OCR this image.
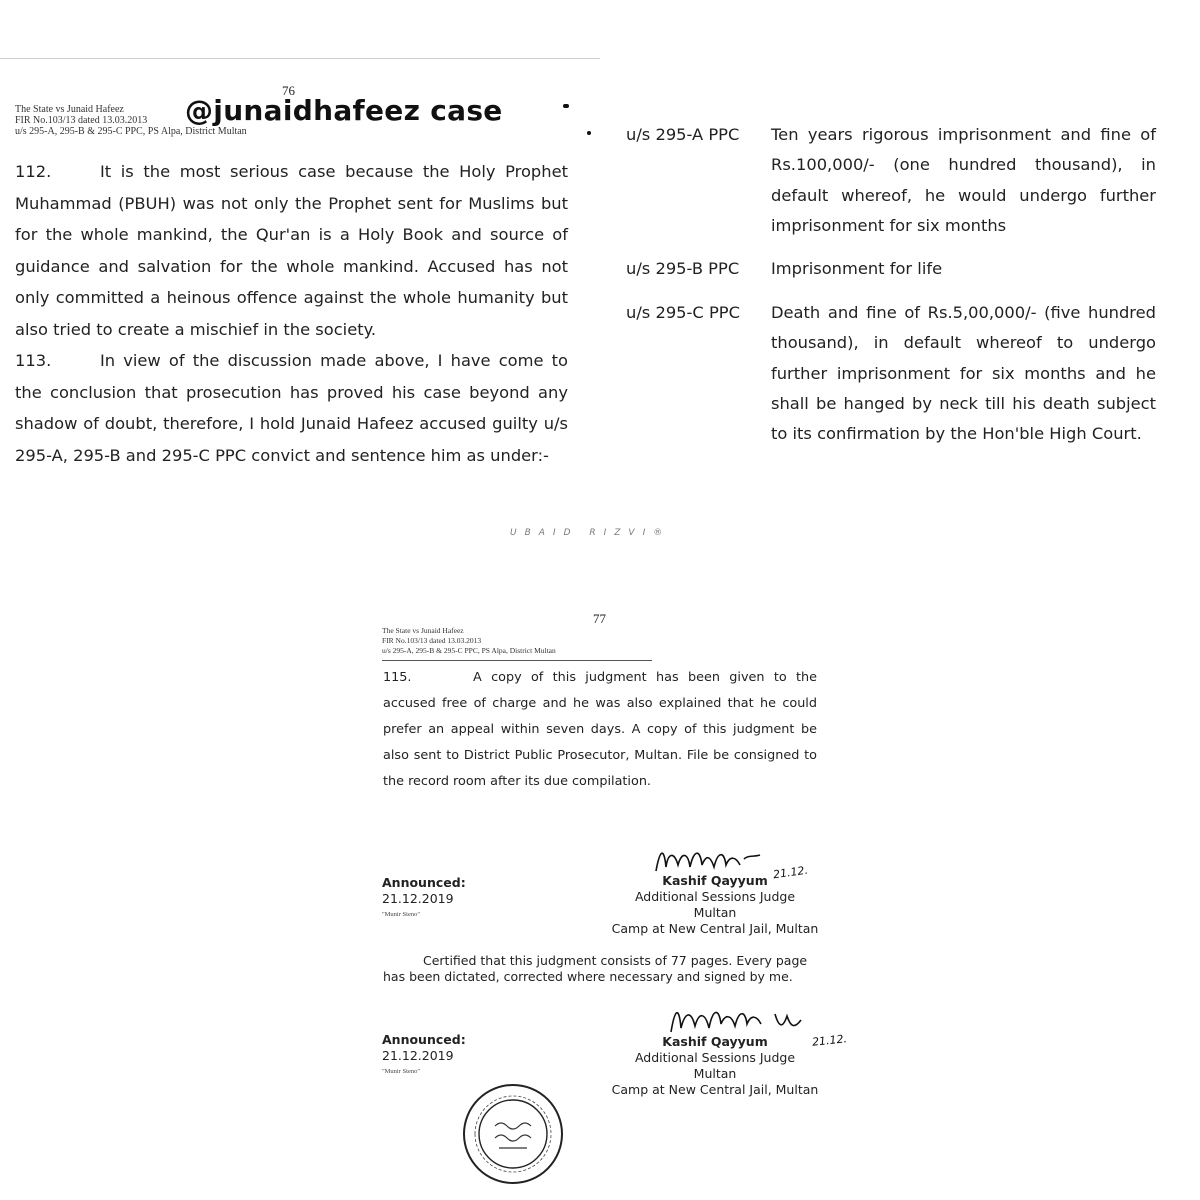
76
The State vs Junaid Hafeez
FIR No.103/13 dated 13.03.2013
u/s 295-A, 295-B & 295-C PPC, PS Alpa, District Multan
@junaidhafeez case

112.	It is the most serious case because the Holy Prophet Muhammad (PBUH) was not only the Prophet sent for Muslims but for the whole mankind, the Qur'an is a Holy Book and source of guidance and salvation for the whole mankind. Accused has not only committed a heinous offence against the whole humanity but also tried to create a mischief in the society.

113.	In view of the discussion made above, I have come to the conclusion that prosecution has proved his case beyond any shadow of doubt, therefore, I hold Junaid Hafeez accused guilty u/s 295-A, 295-B and 295-C PPC convict and sentence him as under:-

u/s 295-A PPC Ten years rigorous imprisonment and fine of Rs.100,000/- (one hundred thousand), in default whereof, he would undergo further imprisonment for six months
u/s 295-B PPC Imprisonment for life
u/s 295-C PPC Death and fine of Rs.5,00,000/- (five hundred thousand), in default whereof to undergo further imprisonment for six months and he shall be hanged by neck till his death subject to its confirmation by the Hon'ble High Court.
UBAID RIZVI®
77
The State vs Junaid Hafeez
FIR No.103/13 dated 13.03.2013
u/s 295-A, 295-B & 295-C PPC, PS Alpa, District Multan

115.	A copy of this judgment has been given to the accused free of charge and he was also explained that he could prefer an appeal within seven days. A copy of this judgment be also sent to District Public Prosecutor, Multan. File be consigned to the record room after its due compilation.

Announced:
21.12.2019
"Munir Steno"
21.12.
Kashif Qayyum
Additional Sessions Judge
Multan
Camp at New Central Jail, Multan
Certified that this judgment consists of 77 pages. Every page has been dictated, corrected where necessary and signed by me.
Announced:
21.12.2019
"Munir Steno"
21.12.
Kashif Qayyum
Additional Sessions Judge
Multan
Camp at New Central Jail, Multan
